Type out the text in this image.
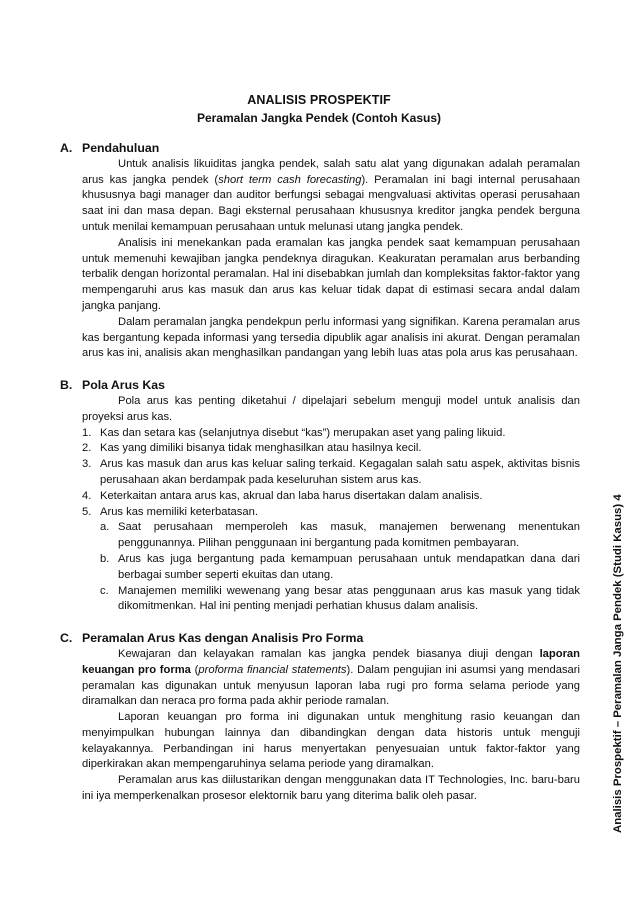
ANALISIS PROSPEKTIF
Peramalan Jangka Pendek (Contoh Kasus)
A. Pendahuluan

Untuk analisis likuiditas jangka pendek, salah satu alat yang digunakan adalah peramalan arus kas jangka pendek (short term cash forecasting). Peramalan ini bagi internal perusahaan khususnya bagi manager dan auditor berfungsi sebagai mengvaluasi aktivitas operasi perusahaan saat ini dan masa depan. Bagi eksternal perusahaan khususnya kreditor jangka pendek berguna untuk menilai kemampuan perusahaan untuk melunasi utang jangka pendek.

Analisis ini menekankan pada eramalan kas jangka pendek saat kemampuan perusahaan untuk memenuhi kewajiban jangka pendeknya diragukan. Keakuratan peramalan arus berbanding terbalik dengan horizontal peramalan. Hal ini disebabkan jumlah dan kompleksitas faktor-faktor yang mempengaruhi arus kas masuk dan arus kas keluar tidak dapat di estimasi secara andal dalam jangka panjang.

Dalam peramalan jangka pendekpun perlu informasi yang signifikan. Karena peramalan arus kas bergantung kepada informasi yang tersedia dipublik agar analisis ini akurat. Dengan peramalan arus kas ini, analisis akan menghasilkan pandangan yang lebih luas atas pola arus kas perusahaan.

B. Pola Arus Kas

Pola arus kas penting diketahui / dipelajari sebelum menguji model untuk analisis dan proyeksi arus kas.

1. Kas dan setara kas (selanjutnya disebut “kas”) merupakan aset yang paling likuid.
2. Kas yang dimiliki bisanya tidak menghasilkan atau hasilnya kecil.
3. Arus kas masuk dan arus kas keluar saling terkaid. Kegagalan salah satu aspek, aktivitas bisnis perusahaan akan berdampak pada keseluruhan sistem arus kas.
4. Keterkaitan antara arus kas, akrual dan laba harus disertakan dalam analisis.
5. Arus kas memiliki keterbatasan.
a. Saat perusahaan memperoleh kas masuk, manajemen berwenang menentukan penggunannya. Pilihan penggunaan ini bergantung pada komitmen pembayaran.
b. Arus kas juga bergantung pada kemampuan perusahaan untuk mendapatkan dana dari berbagai sumber seperti ekuitas dan utang.
c. Manajemen memiliki wewenang yang besar atas penggunaan arus kas masuk yang tidak dikomitmenkan. Hal ini penting menjadi perhatian khusus dalam analisis.
C. Peramalan Arus Kas dengan Analisis Pro Forma

Kewajaran dan kelayakan ramalan kas jangka pendek biasanya diuji dengan laporan keuangan pro forma (proforma financial statements). Dalam pengujian ini asumsi yang mendasari peramalan kas digunakan untuk menyusun laporan laba rugi pro forma selama periode yang diramalkan dan neraca pro forma pada akhir periode ramalan.

Laporan keuangan pro forma ini digunakan untuk menghitung rasio keuangan dan menyimpulkan hubungan lainnya dan dibandingkan dengan data historis untuk menguji kelayakannya. Perbandingan ini harus menyertakan penyesuaian untuk faktor-faktor yang diperkirakan akan mempengaruhinya selama periode yang diramalkan.

Peramalan arus kas diilustarikan dengan menggunakan data IT Technologies, Inc. baru-baru ini iya memperkenalkan prosesor elektornik baru yang diterima balik oleh pasar.	Analisis Prospektif – Peramalan Janga Pendek (Studi Kasus) 4
